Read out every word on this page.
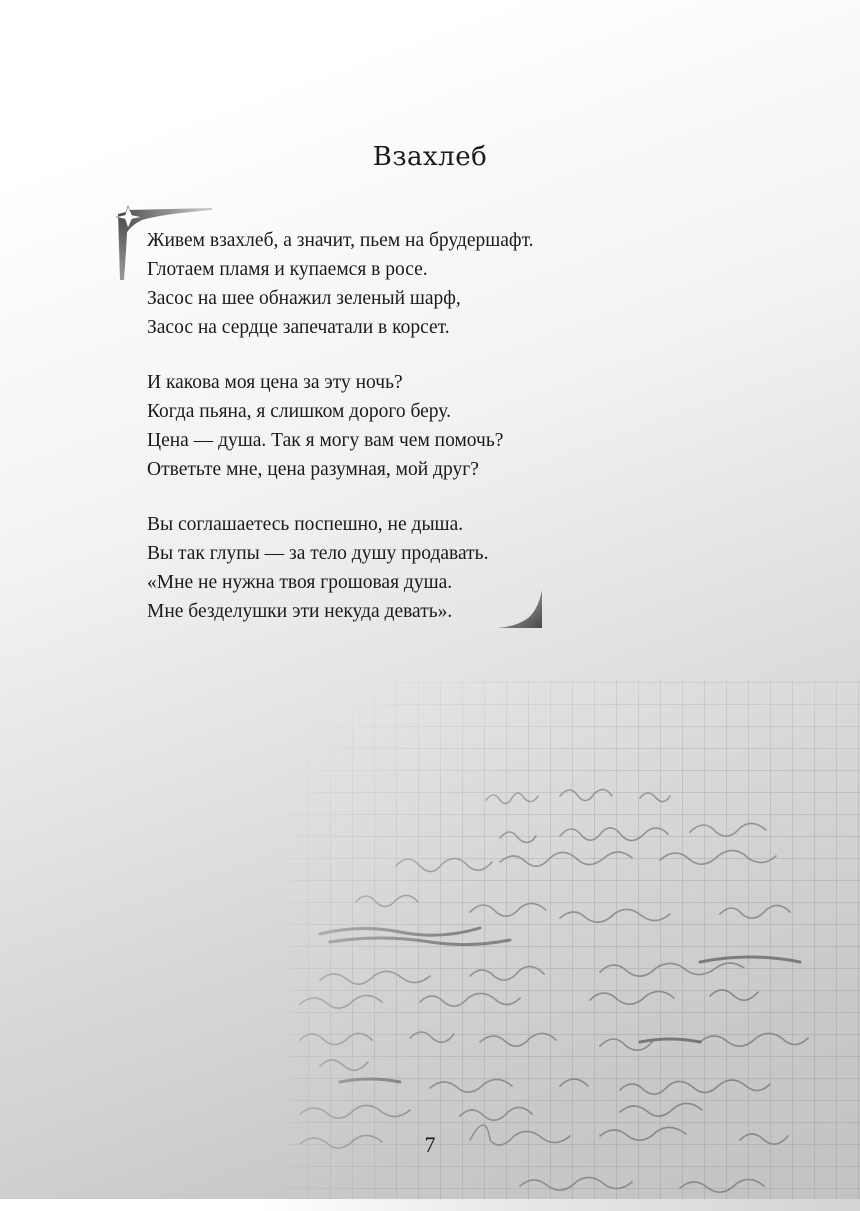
Взахлеб
Живем взахлеб, а значит, пьем на брудершафт.
Глотаем пламя и купаемся в росе.
Засос на шее обнажил зеленый шарф,
Засос на сердце запечатали в корсет.
И какова моя цена за эту ночь?
Когда пьяна, я слишком дорого беру.
Цена — душа. Так я могу вам чем помочь?
Ответьте мне, цена разумная, мой друг?
Вы соглашаетесь поспешно, не дыша.
Вы так глупы — за тело душу продавать.
«Мне не нужна твоя грошовая душа.
Мне безделушки эти некуда девать».
7
